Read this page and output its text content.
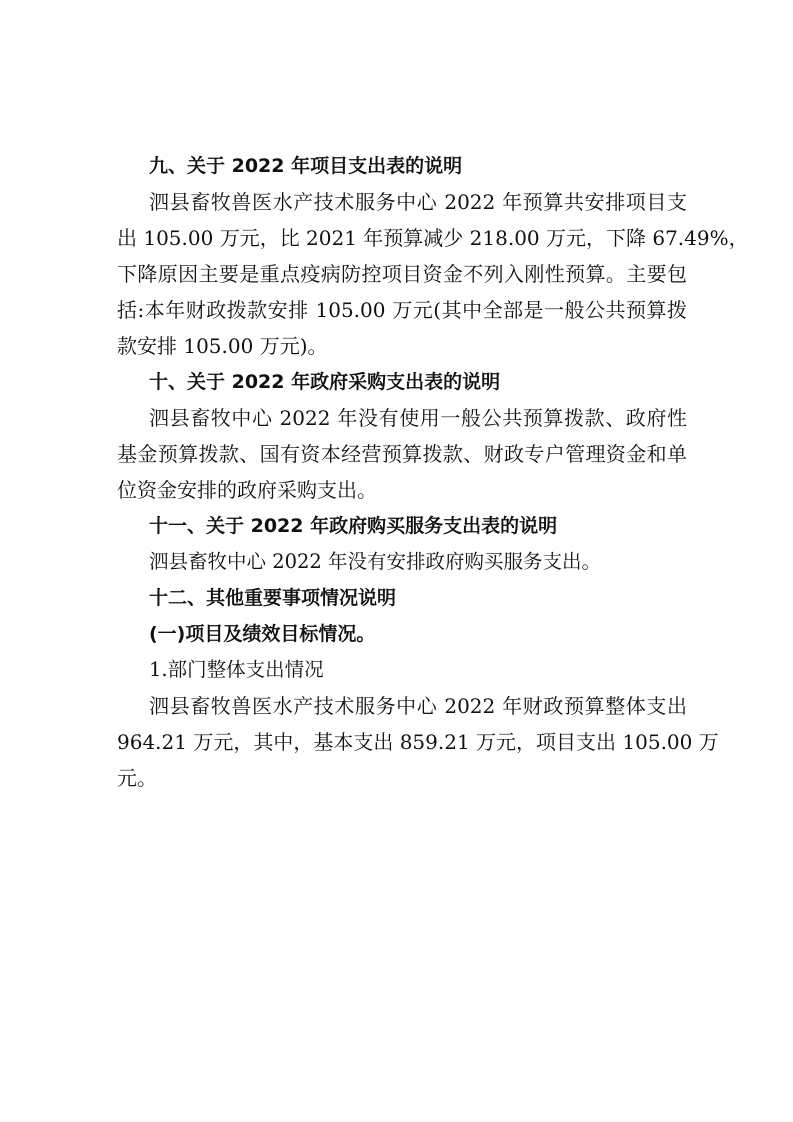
九、关于 2022 年项目支出表的说明
泗县畜牧兽医水产技术服务中心 2022 年预算共安排项目支
出 105.00 万元，比 2021 年预算减少 218.00 万元，下降 67.49%，
下降原因主要是重点疫病防控项目资金不列入刚性预算。主要包
括:本年财政拨款安排 105.00 万元(其中全部是一般公共预算拨
款安排 105.00 万元)。
十、关于 2022 年政府采购支出表的说明
泗县畜牧中心 2022 年没有使用一般公共预算拨款、政府性
基金预算拨款、国有资本经营预算拨款、财政专户管理资金和单
位资金安排的政府采购支出。
十一、关于 2022 年政府购买服务支出表的说明
泗县畜牧中心 2022 年没有安排政府购买服务支出。
十二、其他重要事项情况说明
(一)项目及绩效目标情况。
1.部门整体支出情况
泗县畜牧兽医水产技术服务中心 2022 年财政预算整体支出
964.21 万元，其中，基本支出 859.21 万元，项目支出 105.00 万
元。
